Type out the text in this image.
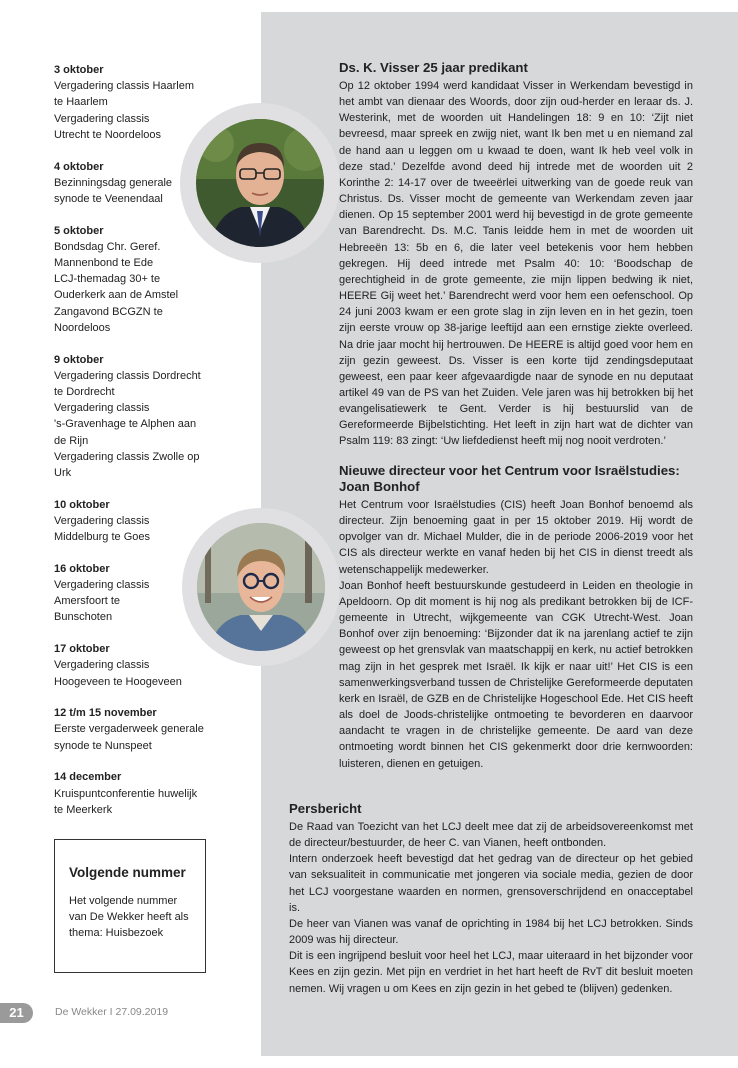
3 oktober
Vergadering classis Haarlem
te Haarlem
Vergadering classis
Utrecht te Noordeloos
4 oktober
Bezinningsdag generale
synode te Veenendaal
5 oktober
Bondsdag Chr. Geref.
Mannenbond te Ede
LCJ-themadag 30+ te
Ouderkerk aan de Amstel
Zangavond BCGZN te
Noordeloos
9 oktober
Vergadering classis Dordrecht
te Dordrecht
Vergadering classis
's-Gravenhage te Alphen aan
de Rijn
Vergadering classis Zwolle op
Urk
10 oktober
Vergadering classis
Middelburg te Goes
16 oktober
Vergadering classis
Amersfoort te
Bunschoten
17 oktober
Vergadering classis
Hoogeveen te Hoogeveen
12 t/m 15 november
Eerste vergaderweek generale
synode te Nunspeet
14 december
Kruispuntconferentie huwelijk
te Meerkerk
Volgende nummer

Het volgende nummer van De Wekker heeft als thema: Huisbezoek

Ds. K. Visser 25 jaar predikant

Op 12 oktober 1994 werd kandidaat Visser in Werkendam bevestigd in het ambt van dienaar des Woords, door zijn oud-herder en leraar ds. J. Westerink, met de woorden uit Handelingen 18: 9 en 10: ‘Zijt niet bevreesd, maar spreek en zwijg niet, want Ik ben met u en niemand zal de hand aan u leggen om u kwaad te doen, want Ik heb veel volk in deze stad.’ Dezelfde avond deed hij intrede met de woorden uit 2 Korinthe 2: 14-17 over de tweeërlei uitwerking van de goede reuk van Christus. Ds. Visser mocht de gemeente van Werkendam zeven jaar dienen. Op 15 september 2001 werd hij bevestigd in de grote gemeente van Barendrecht. Ds. M.C. Tanis leidde hem in met de woorden uit Hebreeën 13: 5b en 6, die later veel betekenis voor hem hebben gekregen. Hij deed intrede met Psalm 40: 10: ‘Boodschap de gerechtigheid in de grote gemeente, zie mijn lippen bedwing ik niet, HEERE Gij weet het.’ Barendrecht werd voor hem een oefenschool. Op 24 juni 2003 kwam er een grote slag in zijn leven en in het gezin, toen zijn eerste vrouw op 38-jarige leeftijd aan een ernstige ziekte overleed. Na drie jaar mocht hij hertrouwen. De HEERE is altijd goed voor hem en zijn gezin geweest. Ds. Visser is een korte tijd zendingsdeputaat geweest, een paar keer afgevaardigde naar de synode en nu deputaat artikel 49 van de PS van het Zuiden. Vele jaren was hij betrokken bij het evangelisatiewerk te Gent. Verder is hij bestuurslid van de Gereformeerde Bijbelstichting. Het leeft in zijn hart wat de dichter van Psalm 119: 83 zingt: ‘Uw liefdedienst heeft mij nog nooit verdroten.’

Nieuwe directeur voor het Centrum voor Israëlstudies: Joan Bonhof

Het Centrum voor Israëlstudies (CIS) heeft Joan Bonhof benoemd als directeur. Zijn benoeming gaat in per 15 oktober 2019. Hij wordt de opvolger van dr. Michael Mulder, die in de periode 2006-2019 voor het CIS als directeur werkte en vanaf heden bij het CIS in dienst treedt als wetenschappelijk medewerker.

Joan Bonhof heeft bestuurskunde gestudeerd in Leiden en theologie in Apeldoorn. Op dit moment is hij nog als predikant betrokken bij de ICF-gemeente in Utrecht, wijkgemeente van CGK Utrecht-West. Joan Bonhof over zijn benoeming: ‘Bijzonder dat ik na jarenlang actief te zijn geweest op het grensvlak van maatschappij en kerk, nu actief betrokken mag zijn in het gesprek met Israël. Ik kijk er naar uit!’ Het CIS is een samenwerkingsverband tussen de Christelijke Gereformeerde deputaten kerk en Israël, de GZB en de Christelijke Hogeschool Ede. Het CIS heeft als doel de Joods-christelijke ontmoeting te bevorderen en daarvoor aandacht te vragen in de christelijke gemeente. De aard van deze ontmoeting wordt binnen het CIS gekenmerkt door drie kernwoorden: luisteren, dienen en getuigen.

Persbericht

De Raad van Toezicht van het LCJ deelt mee dat zij de arbeidsovereenkomst met de directeur/bestuurder, de heer C. van Vianen, heeft ontbonden.

Intern onderzoek heeft bevestigd dat het gedrag van de directeur op het gebied van seksualiteit in communicatie met jongeren via sociale media, gezien de door het LCJ voorgestane waarden en normen, grensoverschrijdend en onacceptabel is.

De heer van Vianen was vanaf de oprichting in 1984 bij het LCJ betrokken. Sinds 2009 was hij directeur.

Dit is een ingrijpend besluit voor heel het LCJ, maar uiteraard in het bijzonder voor Kees en zijn gezin. Met pijn en verdriet in het hart heeft de RvT dit besluit moeten nemen. Wij vragen u om Kees en zijn gezin in het gebed te (blijven) gedenken.

21	De Wekker I 27.09.2019
